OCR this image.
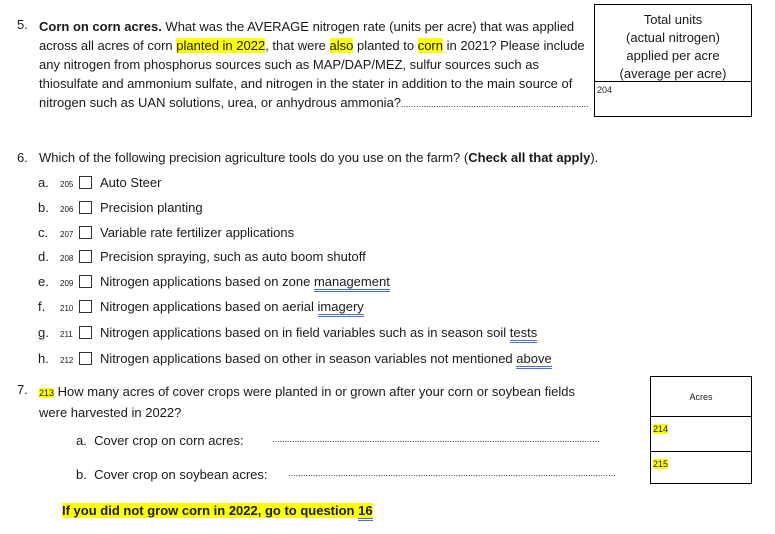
5. Corn on corn acres. What was the AVERAGE nitrogen rate (units per acre) that was applied across all acres of corn planted in 2022, that were also planted to corn in 2021? Please include any nitrogen from phosphorus sources such as MAP/DAP/MEZ, sulfur sources such as thiosulfate and ammonium sulfate, and nitrogen in the stater in addition to the main source of nitrogen such as UAN solutions, urea, or anhydrous ammonia?...........................................................................
Total units
(actual nitrogen)
applied per acre
(average per acre)
204
6. Which of the following precision agriculture tools do you use on the farm? (Check all that apply).
a. 205 Auto Steer
b. 206 Precision planting
c. 207 Variable rate fertilizer applications
d. 208 Precision spraying, such as auto boom shutoff
e. 209 Nitrogen applications based on zone management
f. 210 Nitrogen applications based on aerial imagery
g. 211 Nitrogen applications based on in field variables such as in season soil tests
h. 212 Nitrogen applications based on other in season variables not mentioned above
7. 213 How many acres of cover crops were planted in or grown after your corn or soybean fields were harvested in 2022?
a. Cover crop on corn acres:	...................................................................................................................................
b. Cover crop on soybean acres: ...................................................................................................................................
Acres
214
215
If you did not grow corn in 2022, go to question 16
